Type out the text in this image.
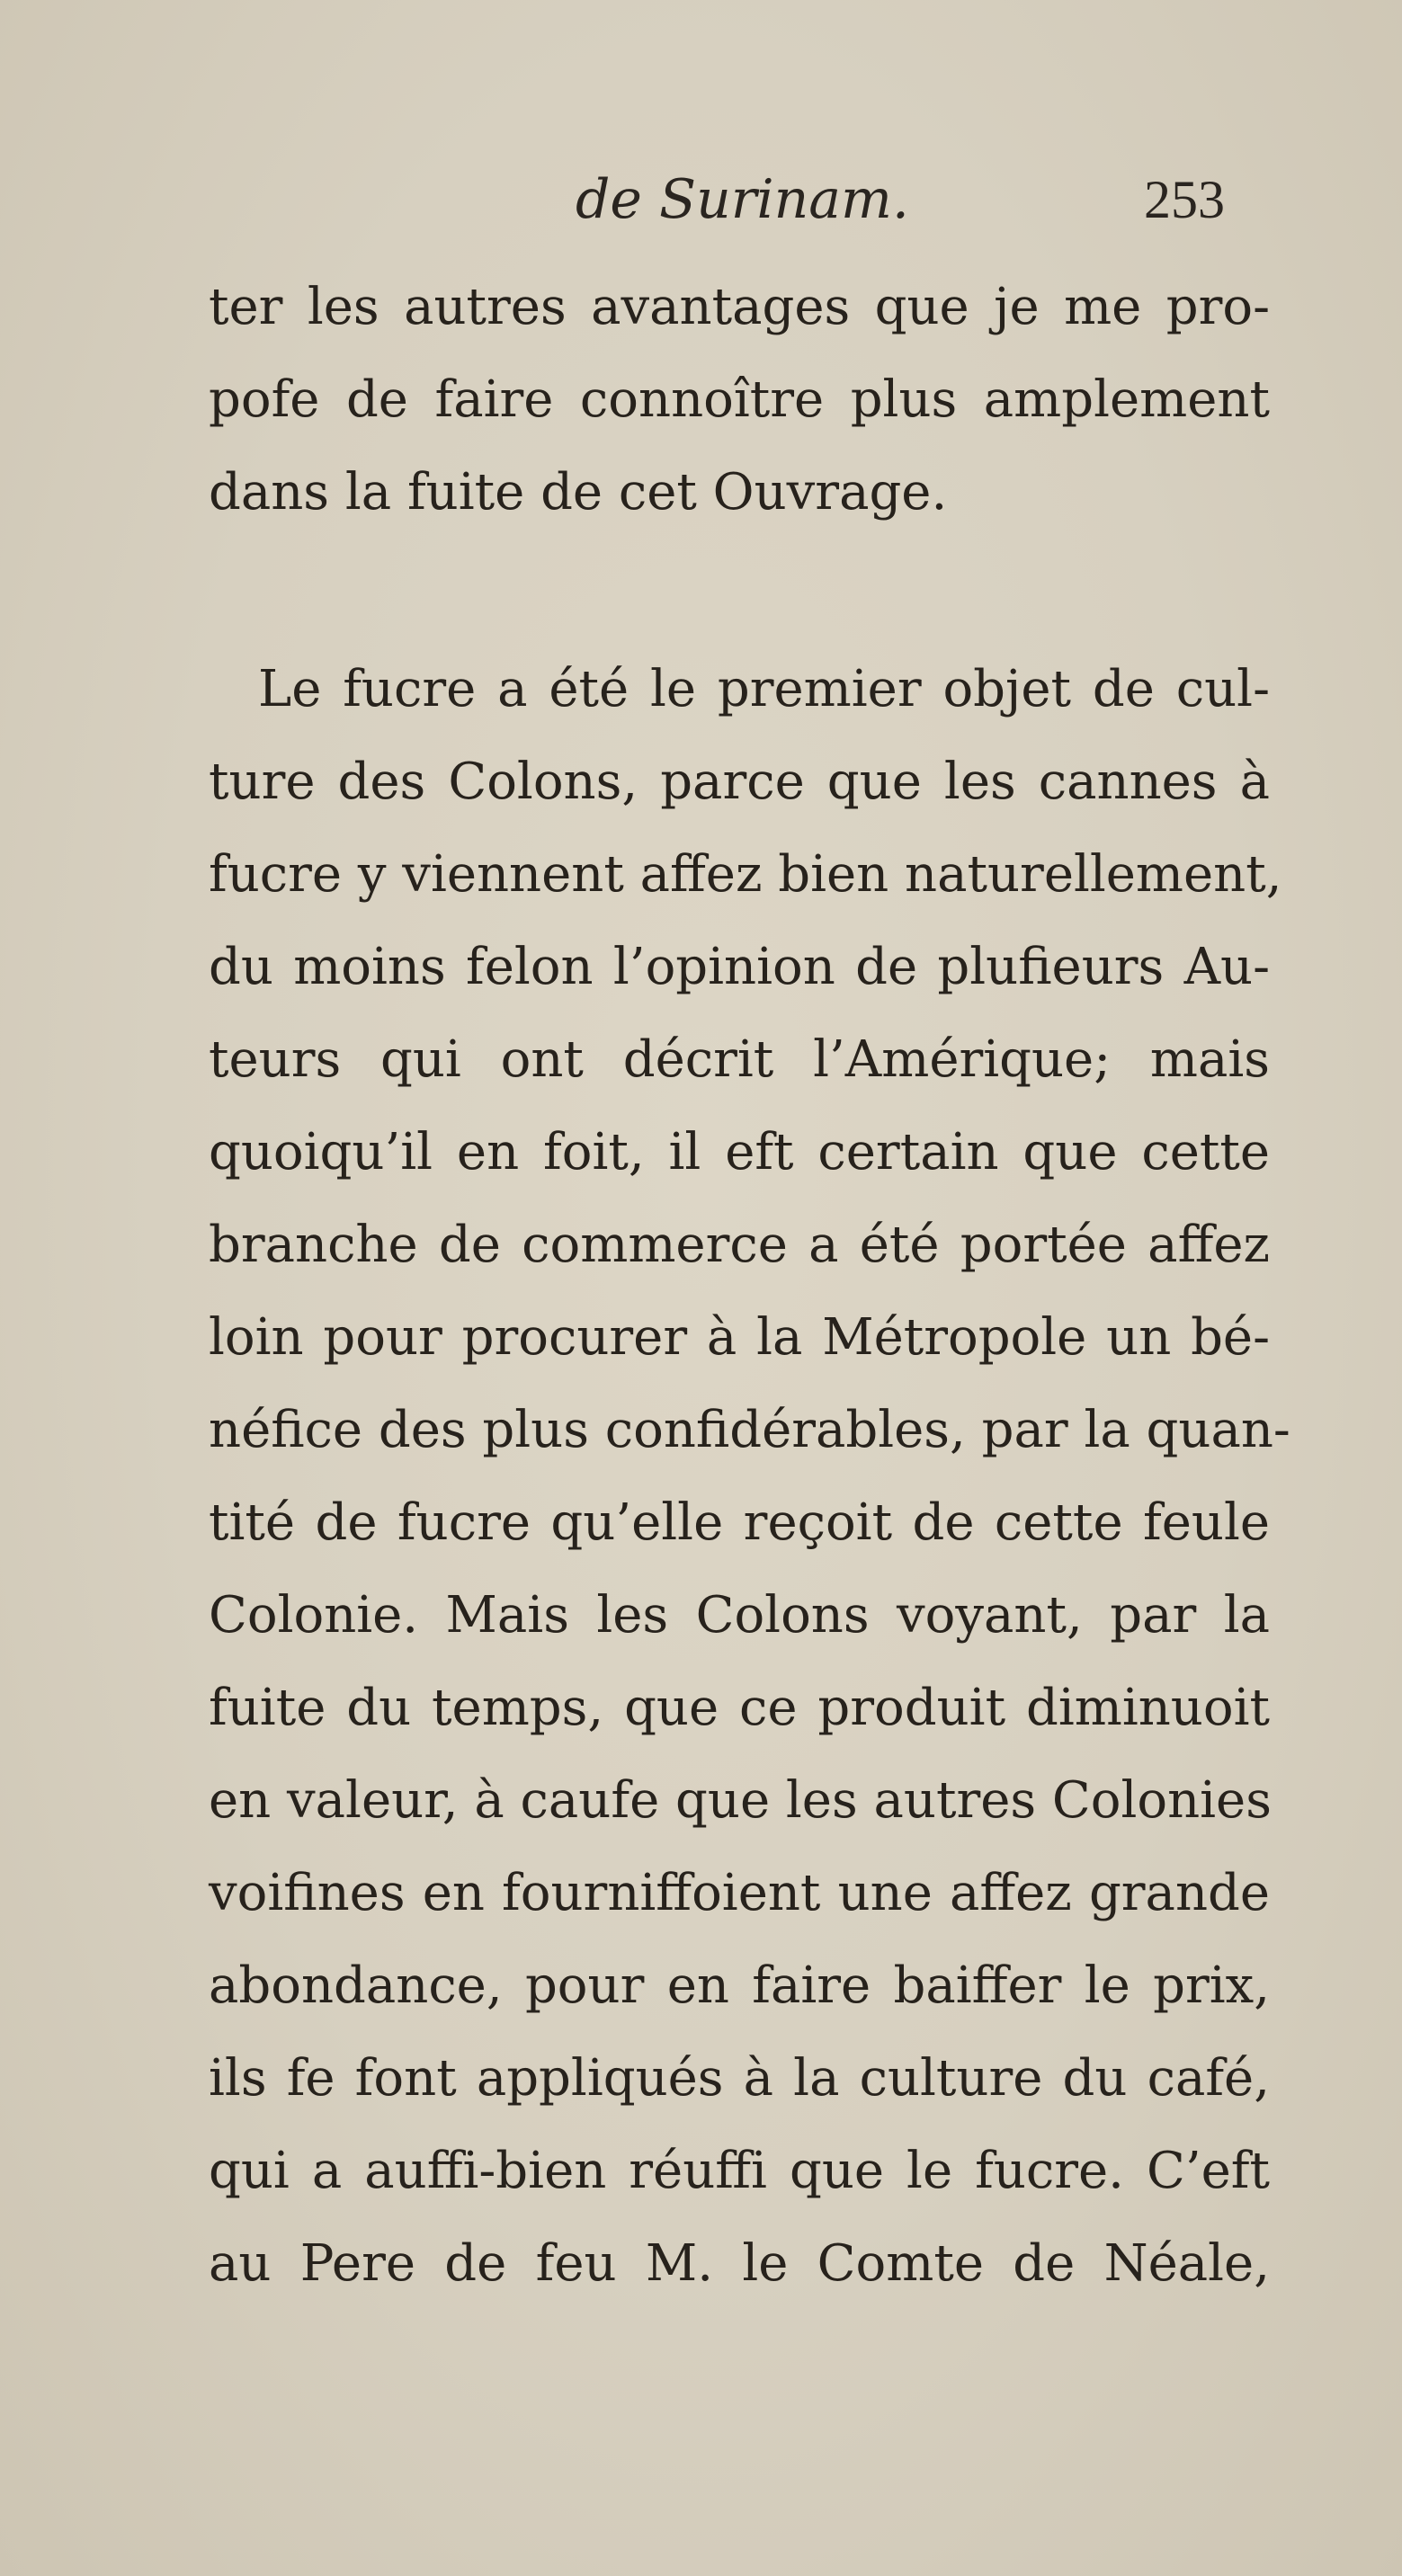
de Surinam.	253
ter les autres avantages que je me pro-
pofe de faire connoître plus amplement
dans la fuite de cet Ouvrage.
Le fucre a été le premier objet de cul-
ture des Colons, parce que les cannes à
fucre y viennent affez bien naturellement,
du moins felon l’opinion de plufieurs Au-
teurs qui ont décrit l’Amérique; mais
quoiqu’il en foit, il eft certain que cette
branche de commerce a été portée affez
loin pour procurer à la Métropole un bé-
néfice des plus confidérables, par la quan-
tité de fucre qu’elle reçoit de cette feule
Colonie. Mais les Colons voyant, par la
fuite du temps, que ce produit diminuoit
en valeur, à caufe que les autres Colonies
voifines en fourniffoient une affez grande
abondance, pour en faire baiffer le prix,
ils fe font appliqués à la culture du café,
qui a auffi-bien réuffi que le fucre. C’eft
au Pere de feu M. le Comte de Néale,
